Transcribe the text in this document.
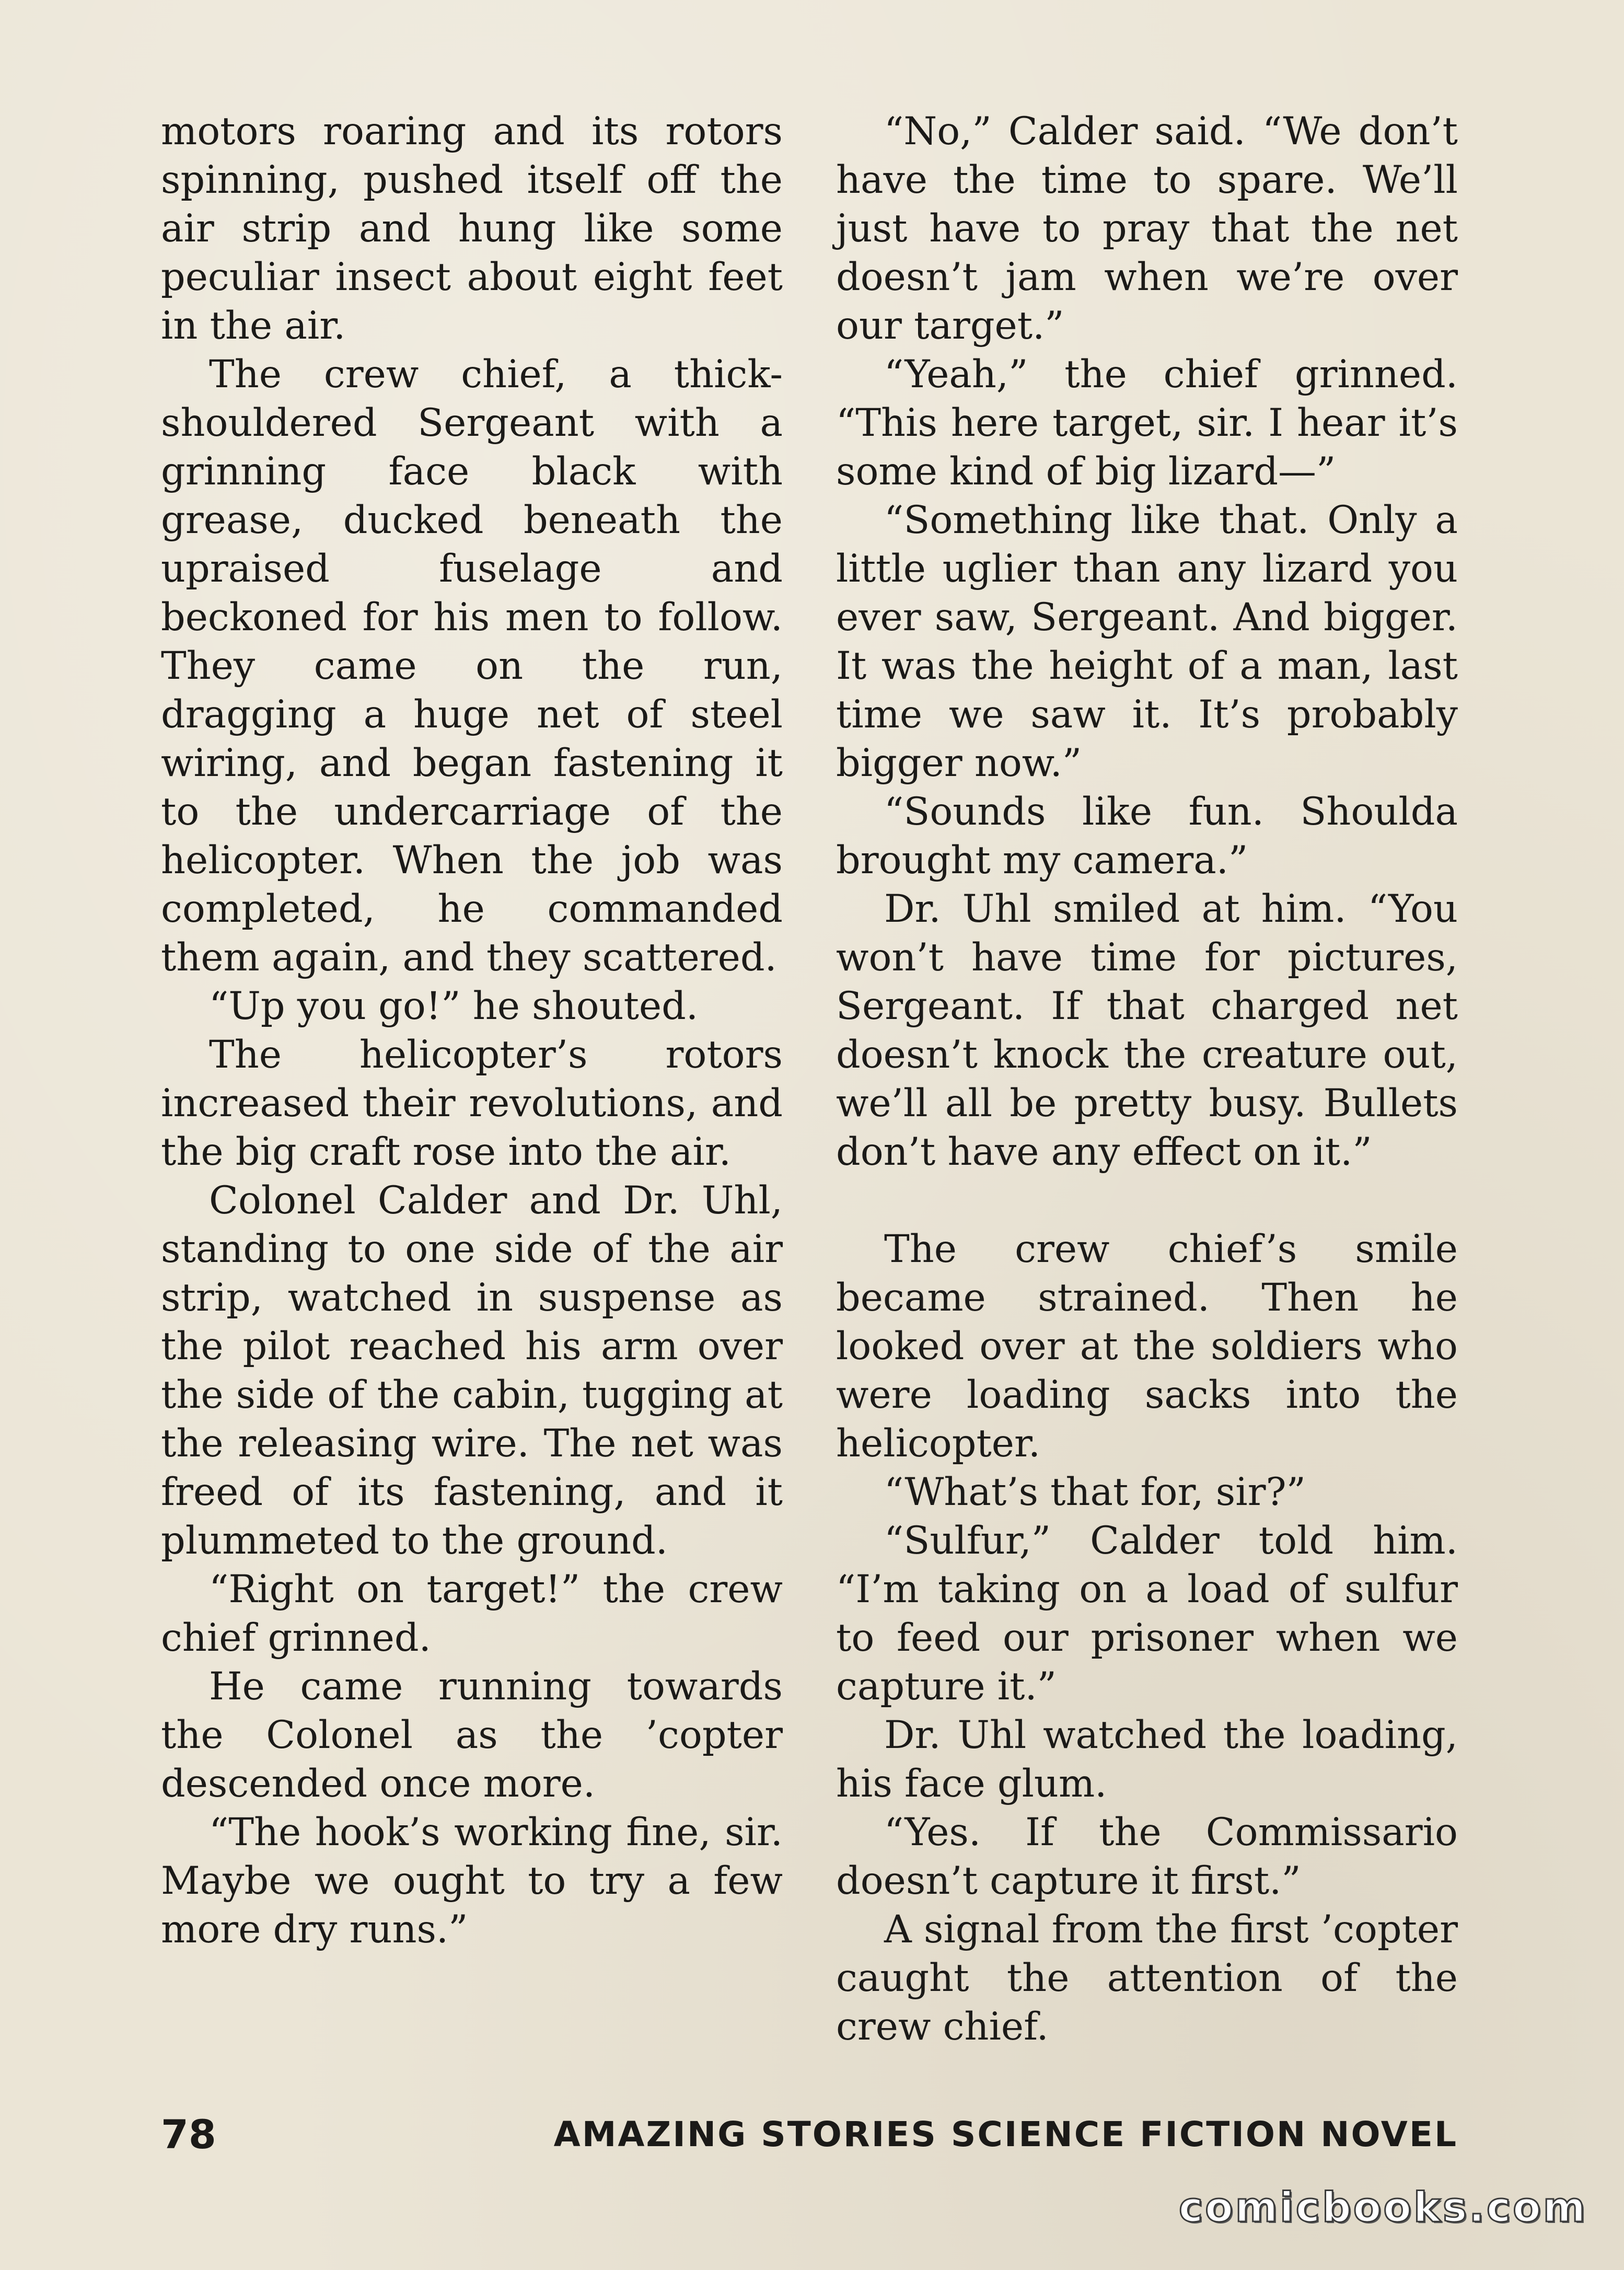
motors roaring and its rotors spinning, pushed itself off the air strip and hung like some peculiar insect about eight feet in the air.

The crew chief, a thick-shouldered Sergeant with a grinning face black with grease, ducked beneath the upraised fuselage and beckoned for his men to follow. They came on the run, dragging a huge net of steel wiring, and began fastening it to the undercarriage of the helicopter. When the job was completed, he commanded them again, and they scattered.

“Up you go!” he shouted.

The helicopter’s rotors increased their revolutions, and the big craft rose into the air.

Colonel Calder and Dr. Uhl, standing to one side of the air strip, watched in suspense as the pilot reached his arm over the side of the cabin, tugging at the releasing wire. The net was freed of its fastening, and it plummeted to the ground.

“Right on target!” the crew chief grinned.

He came running towards the Colonel as the ’copter descended once more.

“The hook’s working fine, sir. Maybe we ought to try a few more dry runs.”

“No,” Calder said. “We don’t have the time to spare. We’ll just have to pray that the net doesn’t jam when we’re over our target.”

“Yeah,” the chief grinned. “This here target, sir. I hear it’s some kind of big lizard—”

“Something like that. Only a little uglier than any lizard you ever saw, Sergeant. And bigger. It was the height of a man, last time we saw it. It’s probably bigger now.”

“Sounds like fun. Shoulda brought my camera.”

Dr. Uhl smiled at him. “You won’t have time for pictures, Sergeant. If that charged net doesn’t knock the creature out, we’ll all be pretty busy. Bullets don’t have any effect on it.”

The crew chief’s smile became strained. Then he looked over at the soldiers who were loading sacks into the helicopter.

“What’s that for, sir?”

“Sulfur,” Calder told him. “I’m taking on a load of sulfur to feed our prisoner when we capture it.”

Dr. Uhl watched the loading, his face glum.

“Yes. If the Commissario doesn’t capture it first.”

A signal from the first ’copter caught the attention of the crew chief.

78	AMAZING STORIES SCIENCE FICTION NOVEL
comicbooks.com
